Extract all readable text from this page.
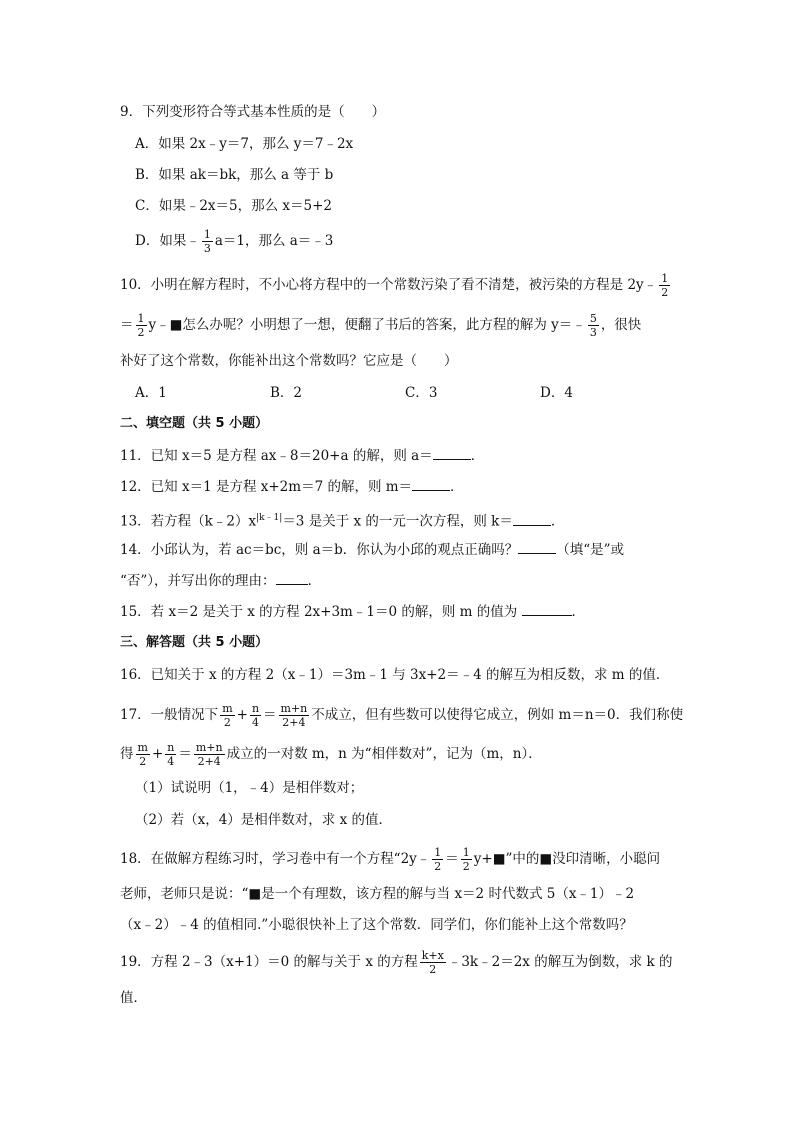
9．下列变形符合等式基本性质的是（　　）
A．如果 2x﹣y＝7，那么 y＝7﹣2x
B．如果 ak＝bk，那么 a 等于 b
C．如果﹣2x＝5，那么 x＝5+2
D．如果﹣ $\frac{1}{3} a=1$，那么 a＝﹣3
10．小明在解方程时，不小心将方程中的一个常数污染了看不清楚，被污染的方程是 2y﹣ $\frac{1}{2}$
＝ $\frac{1}{2}$ y﹣■怎么办呢？小明想了一想，便翻了书后的答案，此方程的解为 y＝﹣ $\frac{5}{3}$ ，很快
补好了这个常数，你能补出这个常数吗？它应是（　　）
A．1	B．2	C．3	D．4
二、填空题（共 5 小题）
11．已知 x＝5 是方程 ax﹣8＝20+a 的解，则 a＝	．
12．已知 x＝1 是方程 x+2m＝7 的解，则 m＝	．
13．若方程$(k﹣2)x^{|k﹣1|}=3$ 是关于 x 的一元一次方程，则 k＝	．
14．小邱认为，若 ac＝bc，则 a＝b．你认为小邱的观点正确吗？	（填“是”或
“否”），并写出你的理由： ．
15．若 x＝2 是关于 x 的方程 2x+3m﹣1＝0 的解，则 m 的值为	．
三、解答题（共 5 小题）
16．已知关于 x 的方程 2（x﹣1）＝3m﹣1 与 3x+2＝﹣4 的解互为相反数，求 m 的值．
17．一般情况下 $\frac{m}{2} + \frac{n}{4} = \frac{m+n}{2+4}$ 不成立，但有些数可以使得它成立，例如 m＝n＝0．我们称使
得 $\frac{m}{2} + \frac{n}{4} = \frac{m+n}{2+4}$ 成立的一对数 m，n 为“相伴数对”，记为（m，n）．
（1）试说明（1，﹣4）是相伴数对；
（2）若（x，4）是相伴数对，求 x 的值．
18．在做解方程练习时，学习卷中有一个方程“2y﹣ $\frac{1}{2} = \frac{1}{2}$ y+■”中的■没印清晰，小聪问
老师，老师只是说：“■是一个有理数，该方程的解与当 x＝2 时代数式 5（x﹣1）﹣2
（x﹣2）﹣4 的值相同.”小聪很快补上了这个常数．同学们，你们能补上这个常数吗？
19．方程 2﹣3（x+1）＝0 的解与关于 x 的方程 $\frac{k+x}{2}$ ﹣3k﹣2＝2x 的解互为倒数，求 k 的
值．
